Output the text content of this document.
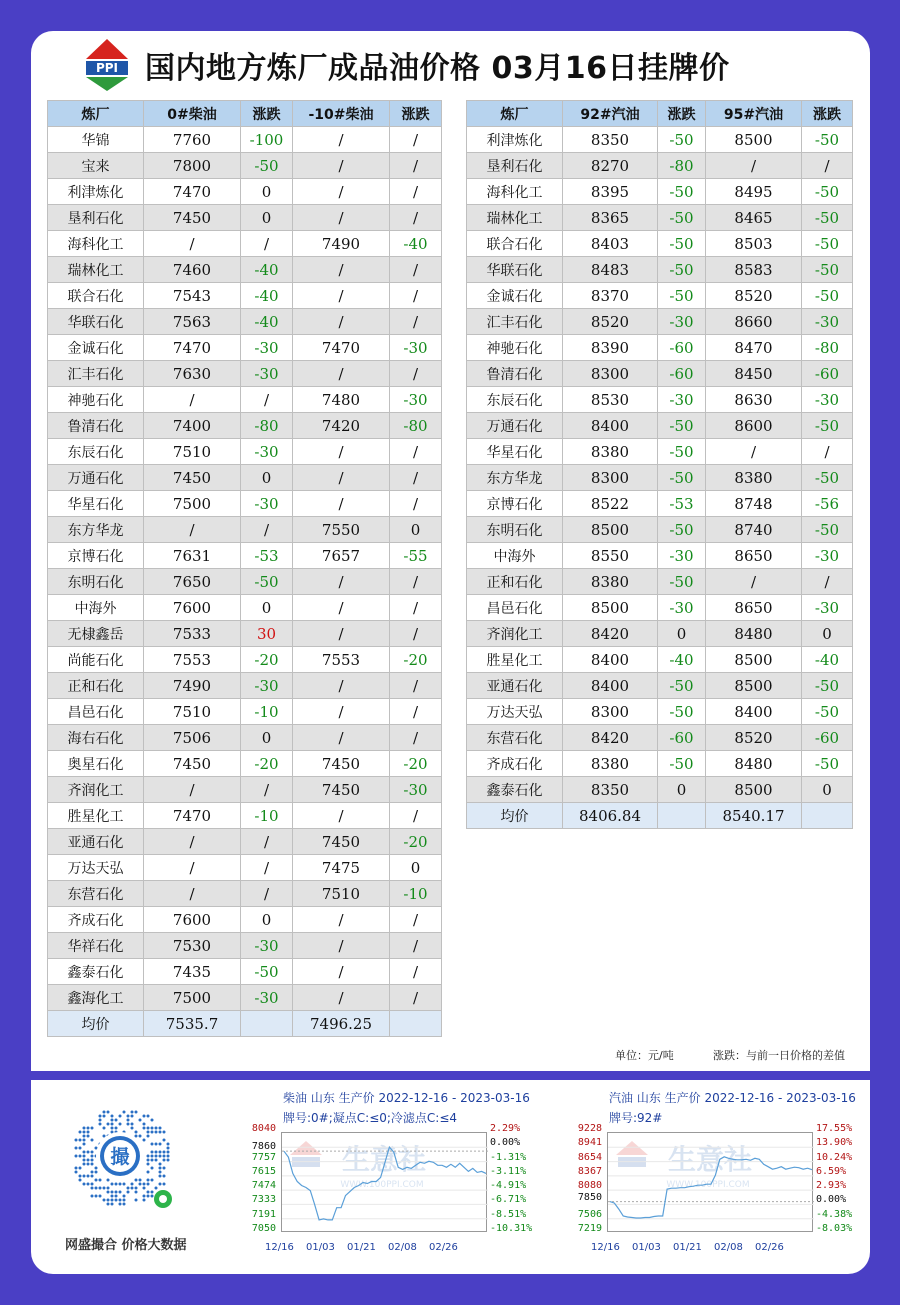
PPI 国内地方炼厂成品油价格 03月16日挂牌价
炼厂	0#柴油	涨跌	-10#柴油	涨跌
华锦	7760	-100	/	/
宝来	7800	-50	/	/
利津炼化	7470	0	/	/
垦利石化	7450	0	/	/
海科化工	/	/	7490	-40
瑞林化工	7460	-40	/	/
联合石化	7543	-40	/	/
华联石化	7563	-40	/	/
金诚石化	7470	-30	7470	-30
汇丰石化	7630	-30	/	/
神驰石化	/	/	7480	-30
鲁清石化	7400	-80	7420	-80
东辰石化	7510	-30	/	/
万通石化	7450	0	/	/
华星石化	7500	-30	/	/
东方华龙	/	/	7550	0
京博石化	7631	-53	7657	-55
东明石化	7650	-50	/	/
中海外	7600	0	/	/
无棣鑫岳	7533	30	/	/
尚能石化	7553	-20	7553	-20
正和石化	7490	-30	/	/
昌邑石化	7510	-10	/	/
海右石化	7506	0	/	/
奥星石化	7450	-20	7450	-20
齐润化工	/	/	7450	-30
胜星化工	7470	-10	/	/
亚通石化	/	/	7450	-20
万达天弘	/	/	7475	0
东营石化	/	/	7510	-10
齐成石化	7600	0	/	/
华祥石化	7530	-30	/	/
鑫泰石化	7435	-50	/	/
鑫海化工	7500	-30	/	/
均价	7535.7		7496.25	
炼厂	92#汽油	涨跌	95#汽油	涨跌
利津炼化	8350	-50	8500	-50
垦利石化	8270	-80	/	/
海科化工	8395	-50	8495	-50
瑞林化工	8365	-50	8465	-50
联合石化	8403	-50	8503	-50
华联石化	8483	-50	8583	-50
金诚石化	8370	-50	8520	-50
汇丰石化	8520	-30	8660	-30
神驰石化	8390	-60	8470	-80
鲁清石化	8300	-60	8450	-60
东辰石化	8530	-30	8630	-30
万通石化	8400	-50	8600	-50
华星石化	8380	-50	/	/
东方华龙	8300	-50	8380	-50
京博石化	8522	-53	8748	-56
东明石化	8500	-50	8740	-50
中海外	8550	-30	8650	-30
正和石化	8380	-50	/	/
昌邑石化	8500	-30	8650	-30
齐润化工	8420	0	8480	0
胜星化工	8400	-40	8500	-40
亚通石化	8400	-50	8500	-50
万达天弘	8300	-50	8400	-50
东营石化	8420	-60	8520	-60
齐成石化	8380	-50	8480	-50
鑫泰石化	8350	0	8500	0
均价	8406.84		8540.17	
单位：元/吨	涨跌：与前一日价格的差值
撮
网盛撮合 价格大数据
柴油 山东 生产价 2022-12-16 - 2023-03-16
牌号:0#;凝点C:≤0;冷滤点C:≤4
生意社
WWW.100PPI.COM
8040
7860
7757
7615
7474
7333
7191
7050
2.29%
0.00%
-1.31%
-3.11%
-4.91%
-6.71%
-8.51%
-10.31%
12/16 01/03 01/21 02/08 02/26
汽油 山东 生产价 2022-12-16 - 2023-03-16
牌号:92#
生意社
WWW.100PPI.COM
9228
8941
8654
8367
8080
7850
7506
7219
17.55%
13.90%
10.24%
6.59%
2.93%
0.00%
-4.38%
-8.03%
12/16 01/03 01/21 02/08 02/26
